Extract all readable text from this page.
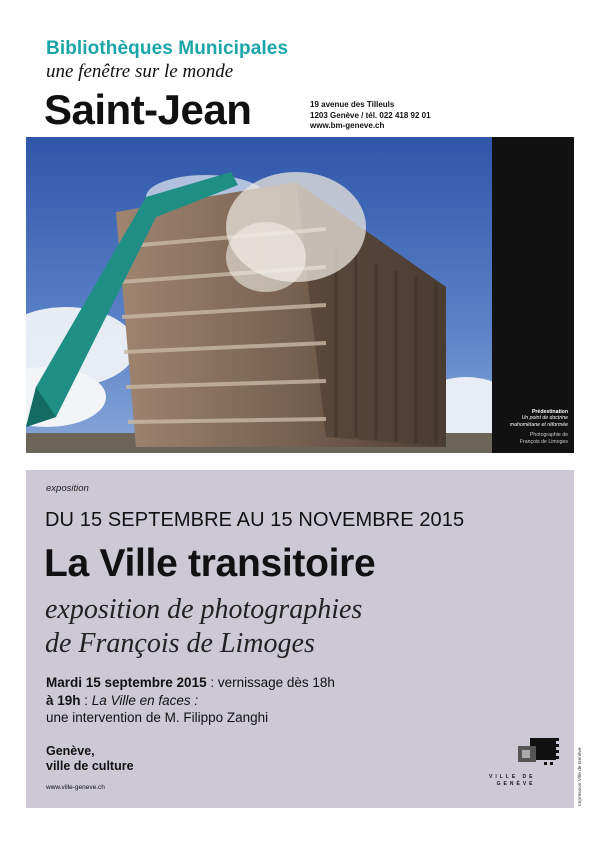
Bibliothèques Municipales
une fenêtre sur le monde
Saint-Jean	19 avenue des Tilleuls
1203 Genève / tél. 022 418 92 01
www.bm-geneve.ch
Prédestination
Un point de doctrine
mahométane et réformée
Photographie de
François de Limoges
exposition
DU 15 SEPTEMBRE AU 15 NOVEMBRE 2015
La Ville transitoire
exposition de photographies
de François de Limoges
Mardi 15 septembre 2015 : vernissage dès 18h
à 19h : La Ville en faces :
une intervention de M. Filippo Zanghi
Genève,
ville de culture
www.ville-geneve.ch
VILLE DE
GENÈVE	Impression Ville de Genève
